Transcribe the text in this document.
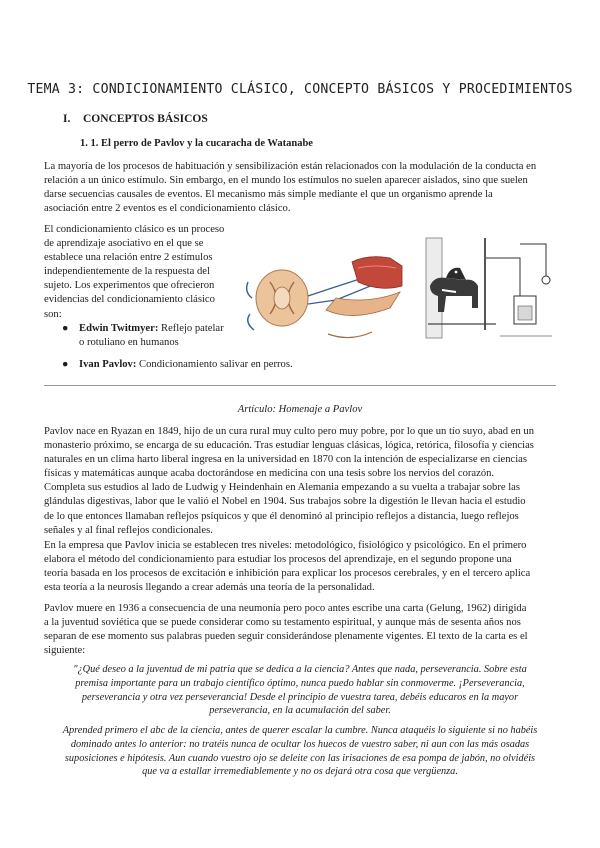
TEMA 3: CONDICIONAMIENTO CLÁSICO, CONCEPTO BÁSICOS Y PROCEDIMIENTOS
I. CONCEPTOS BÁSICOS
1. 1. El perro de Pavlov y la cucaracha de Watanabe
La mayoría de los procesos de habituación y sensibilización están relacionados con la modulación de la conducta en
relación a un único estímulo. Sin embargo, en el mundo los estímulos no suelen aparecer aislados, sino que suelen
darse secuencias causales de eventos. El mecanismo más simple mediante el que un organismo aprende la
asociación entre 2 eventos es el condicionamiento clásico.
El condicionamiento clásico es un proceso
de aprendizaje asociativo en el que se
establece una relación entre 2 estímulos
independientemente de la respuesta del
sujeto. Los experimentos que ofrecieron
evidencias del condicionamiento clásico
son:
● Edwin Twitmyer: Reflejo patelar
o rotuliano en humanos
● Ivan Pavlov: Condicionamiento salivar en perros.
Artículo: Homenaje a Pavlov
Pavlov nace en Ryazan en 1849, hijo de un cura rural muy culto pero muy pobre, por lo que un tío suyo, abad en un
monasterio próximo, se encarga de su educación. Tras estudiar lenguas clásicas, lógica, retórica, filosofía y ciencias
naturales en un clima harto liberal ingresa en la universidad en 1870 con la intención de especializarse en ciencias
físicas y matemáticas aunque acaba doctorándose en medicina con una tesis sobre los nervios del corazón.
Completa sus estudios al lado de Ludwig y Heindenhain en Alemania empezando a su vuelta a trabajar sobre las
glándulas digestivas, labor que le valió el Nobel en 1904. Sus trabajos sobre la digestión le llevan hacia el estudio
de lo que entonces llamaban reflejos psíquicos y que él denominó al principio reflejos a distancia, luego reflejos
señales y al final reflejos condicionales.
En la empresa que Pavlov inicia se establecen tres niveles: metodológico, fisiológico y psicológico. En el primero
elabora el método del condicionamiento para estudiar los procesos del aprendizaje, en el segundo propone una
teoría basada en los procesos de excitación e inhibición para explicar los procesos cerebrales, y en el tercero aplica
esta teoría a la neurosis llegando a crear además una teoría de la personalidad.
Pavlov muere en 1936 a consecuencia de una neumonía pero poco antes escribe una carta (Gelung, 1962) dirigida
a la juventud soviética que se puede considerar como su testamento espiritual, y aunque más de sesenta años nos
separan de ese momento sus palabras pueden seguir considerándose plenamente vigentes. El texto de la carta es el
siguiente:
"¿Qué deseo a la juventud de mi patria que se dedica a la ciencia? Antes que nada, perseverancia. Sobre esta
premisa importante para un trabajo científico óptimo, nunca puedo hablar sin conmoverme. ¡Perseverancia,
perseverancia y otra vez perseverancia! Desde el principio de vuestra tarea, debéis educaros en la mayor
perseverancia, en la acumulación del saber.
Aprended primero el abc de la ciencia, antes de querer escalar la cumbre. Nunca ataquéis lo siguiente si no habéis
dominado antes lo anterior: no tratéis nunca de ocultar los huecos de vuestro saber, ni aun con las más osadas
suposiciones e hipótesis. Aun cuando vuestro ojo se deleite con las irisaciones de esa pompa de jabón, no olvidéis
que va a estallar irremediablemente y no os dejará otra cosa que vergüenza.
